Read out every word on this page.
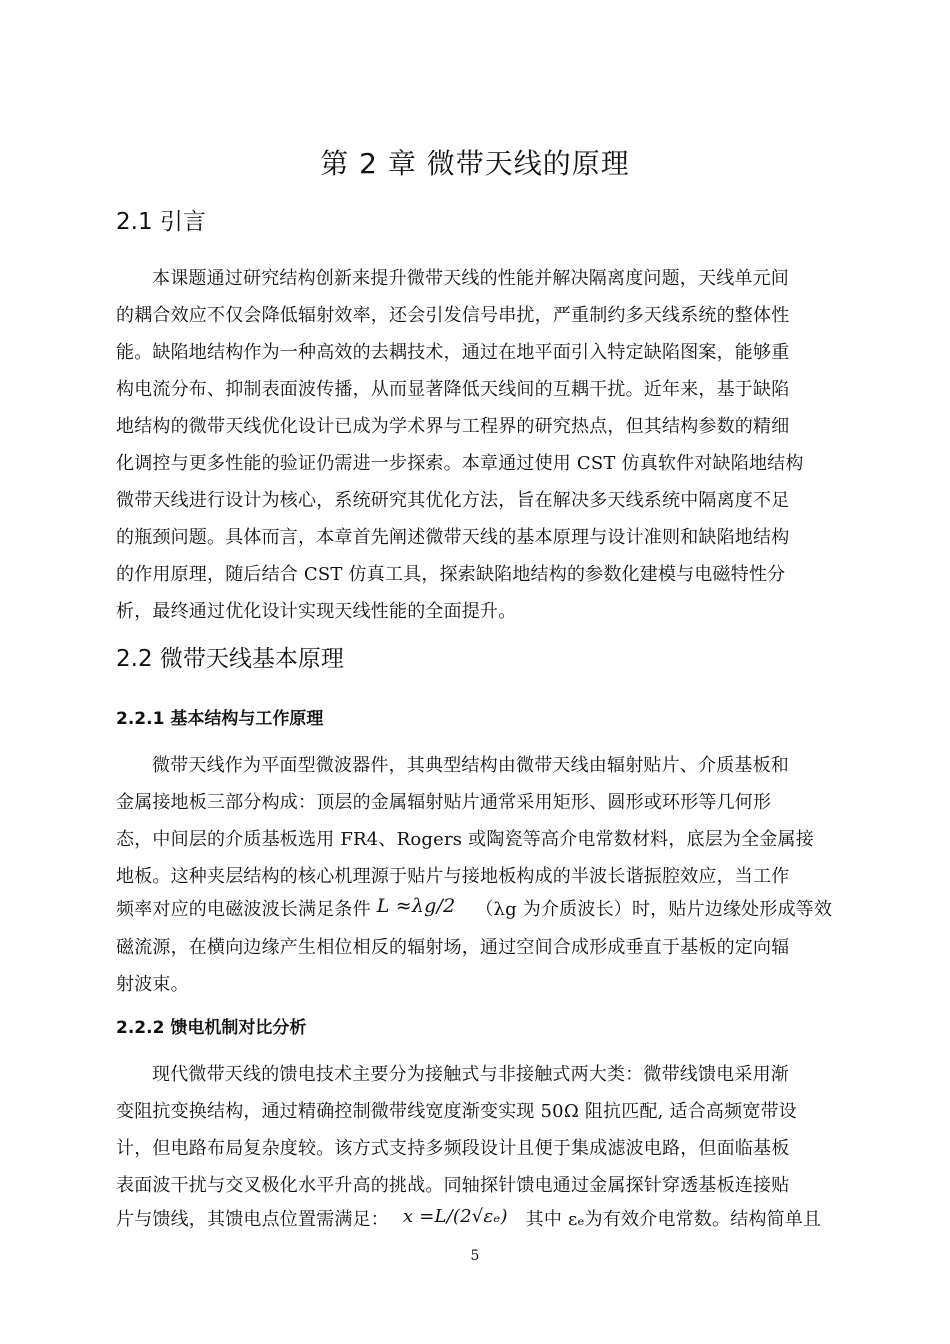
第 2 章 微带天线的原理
2.1 引言
本课题通过研究结构创新来提升微带天线的性能并解决隔离度问题，天线单元间
的耦合效应不仅会降低辐射效率，还会引发信号串扰，严重制约多天线系统的整体性
能。缺陷地结构作为一种高效的去耦技术，通过在地平面引入特定缺陷图案，能够重
构电流分布、抑制表面波传播，从而显著降低天线间的互耦干扰。近年来，基于缺陷
地结构的微带天线优化设计已成为学术界与工程界的研究热点，但其结构参数的精细
化调控与更多性能的验证仍需进一步探索。本章通过使用 CST 仿真软件对缺陷地结构
微带天线进行设计为核心，系统研究其优化方法，旨在解决多天线系统中隔离度不足
的瓶颈问题。具体而言，本章首先阐述微带天线的基本原理与设计准则和缺陷地结构
的作用原理，随后结合 CST 仿真工具，探索缺陷地结构的参数化建模与电磁特性分
析，最终通过优化设计实现天线性能的全面提升。
2.2 微带天线基本原理
2.2.1 基本结构与工作原理
微带天线作为平面型微波器件，其典型结构由微带天线由辐射贴片、介质基板和
金属接地板三部分构成：顶层的金属辐射贴片通常采用矩形、圆形或环形等几何形
态，中间层的介质基板选用 FR4、Rogers 或陶瓷等高介电常数材料，底层为全金属接
地板。这种夹层结构的核心机理源于贴片与接地板构成的半波长谐振腔效应，当工作
频率对应的电磁波波长满足条件 L ≈λg/2 （λg 为介质波长）时，贴片边缘处形成等效
磁流源，在横向边缘产生相位相反的辐射场，通过空间合成形成垂直于基板的定向辐
射波束。
2.2.2 馈电机制对比分析
现代微带天线的馈电技术主要分为接触式与非接触式两大类：微带线馈电采用渐
变阻抗变换结构，通过精确控制微带线宽度渐变实现 50Ω 阻抗匹配, 适合高频宽带设
计，但电路布局复杂度较。该方式支持多频段设计且便于集成滤波电路，但面临基板
表面波干扰与交叉极化水平升高的挑战。同轴探针馈电通过金属探针穿透基板连接贴
片与馈线，其馈电点位置需满足： x =L/(2√εₑ) 其中 εₑ为有效介电常数。结构简单且
5
